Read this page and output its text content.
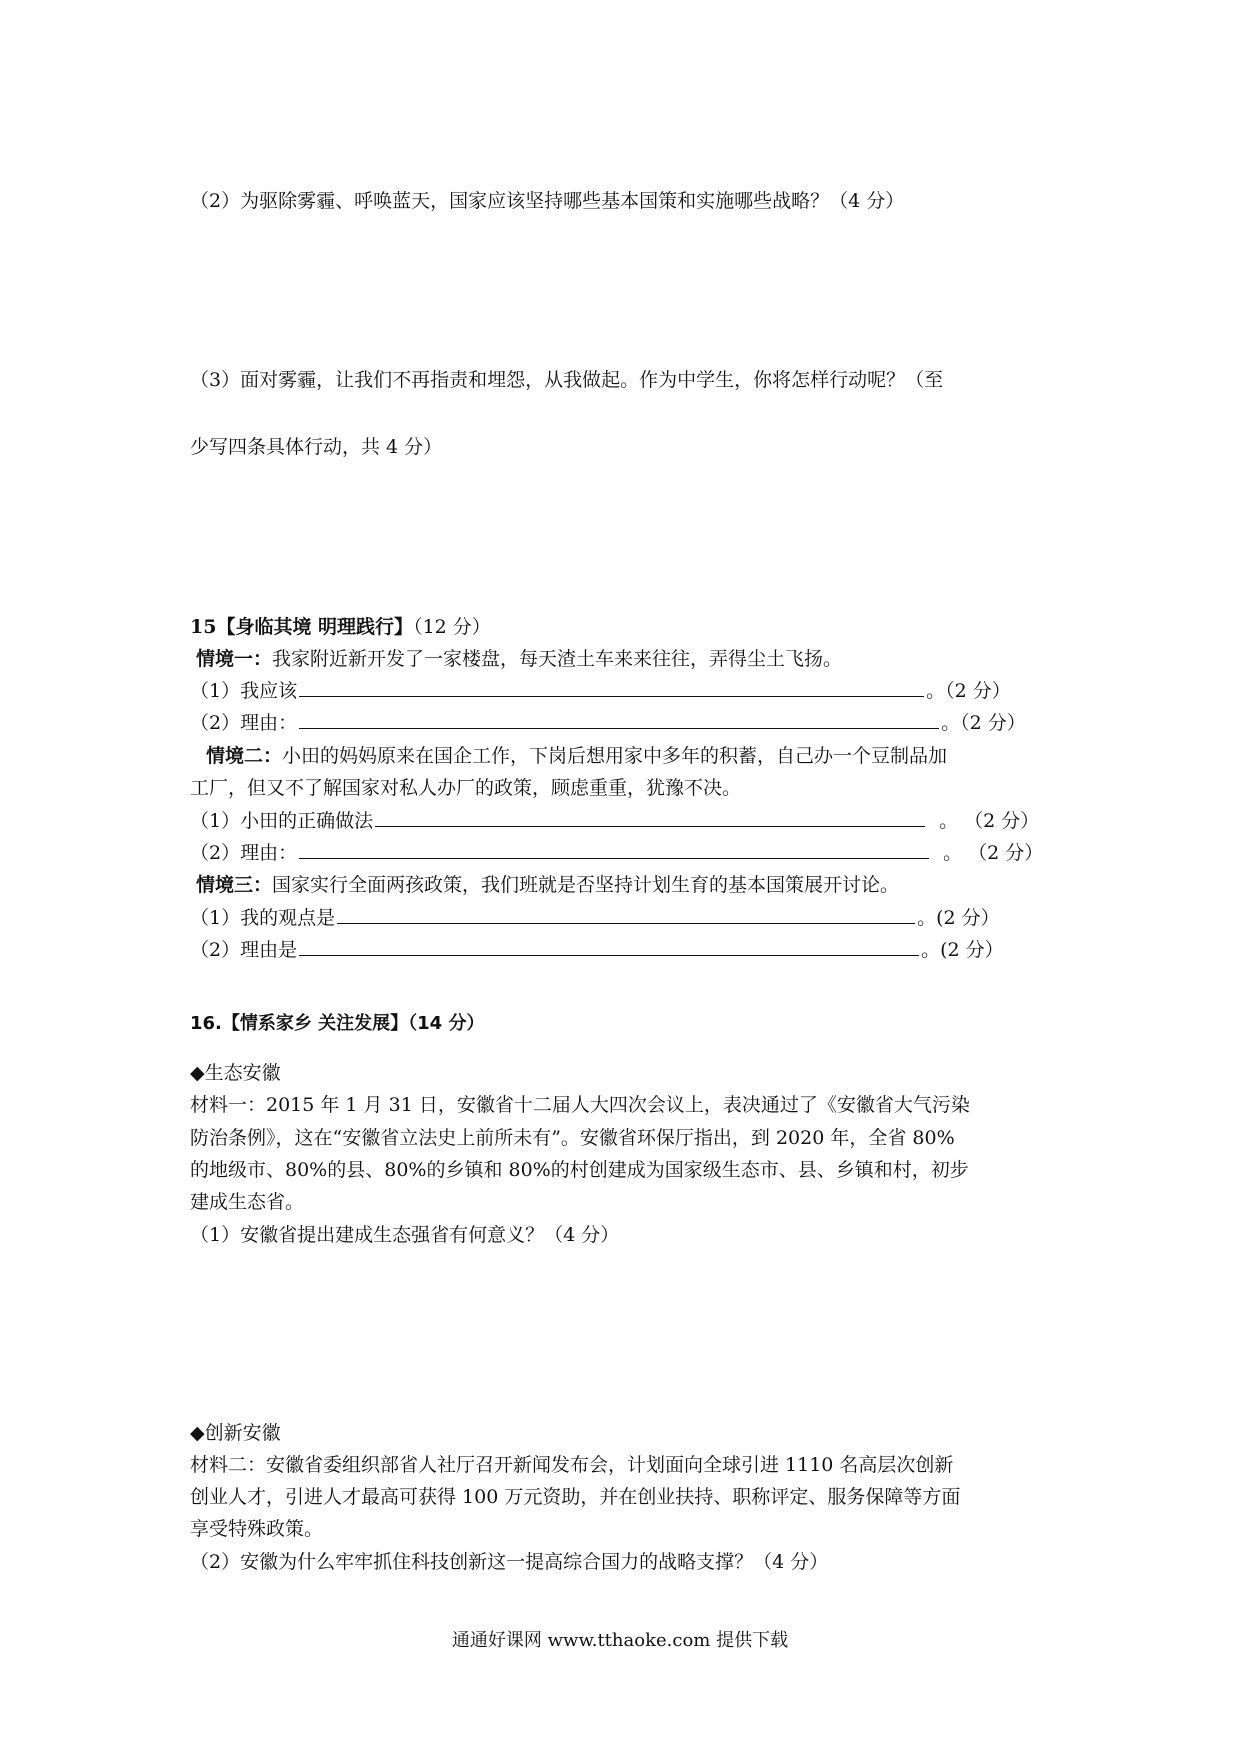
（2）为驱除雾霾、呼唤蓝天，国家应该坚持哪些基本国策和实施哪些战略？（4 分）
（3）面对雾霾，让我们不再指责和埋怨，从我做起。作为中学生，你将怎样行动呢？（至
少写四条具体行动，共 4 分）
15【身临其境 明理践行】（12 分）
情境一：我家附近新开发了一家楼盘，每天渣土车来来往往，弄得尘土飞扬。
（1）我应该	。（2 分）
（2）理由：	。（2 分）
情境二：小田的妈妈原来在国企工作，下岗后想用家中多年的积蓄，自己办一个豆制品加
工厂，但又不了解国家对私人办厂的政策，顾虑重重，犹豫不决。
（1）小田的正确做法	。 （2 分）
（2）理由：	。 （2 分）
情境三：国家实行全面两孩政策，我们班就是否坚持计划生育的基本国策展开讨论。
（1）我的观点是	。(2 分）
（2）理由是	。(2 分）
16.【情系家乡 关注发展】（14 分）
◆生态安徽
材料一：2015 年 1 月 31 日，安徽省十二届人大四次会议上，表决通过了《安徽省大气污染
防治条例》，这在“安徽省立法史上前所未有”。安徽省环保厅指出，到 2020 年，全省 80%
的地级市、80%的县、80%的乡镇和 80%的村创建成为国家级生态市、县、乡镇和村，初步
建成生态省。
（1）安徽省提出建成生态强省有何意义？（4 分）
◆创新安徽
材料二：安徽省委组织部省人社厅召开新闻发布会，计划面向全球引进 1110 名高层次创新
创业人才，引进人才最高可获得 100 万元资助，并在创业扶持、职称评定、服务保障等方面
享受特殊政策。
（2）安徽为什么牢牢抓住科技创新这一提高综合国力的战略支撑？（4 分）
通通好课网 www.tthaoke.com 提供下载
